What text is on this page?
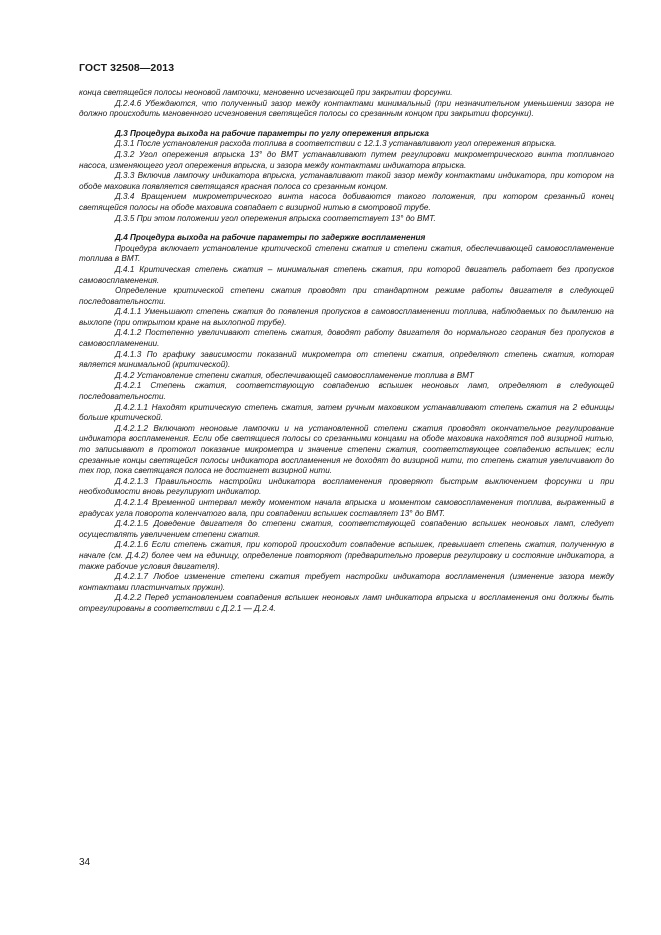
ГОСТ 32508—2013

конца светящейся полосы неоновой лампочки, мгновенно исчезающей при закрытии форсунки.

Д.2.4.6 Убеждаются, что полученный зазор между контактами минимальный (при незначительном уменьшении зазора не должно происходить мгновенного исчезновения светящейся полосы со срезанным концом при закрытии форсунки).

Д.3 Процедура выхода на рабочие параметры по углу опережения впрыска

Д.3.1 После установления расхода топлива в соответствии с 12.1.3 устанавливают угол опережения впрыска.

Д.3.2 Угол опережения впрыска 13° до ВМТ устанавливают путем регулировки микрометрического винта топливного насоса, изменяющего угол опережения впрыска, и зазора между контактами индикатора впрыска.

Д.3.3 Включив лампочку индикатора впрыска, устанавливают такой зазор между контактами индикатора, при котором на ободе маховика появляется светящаяся красная полоса со срезанным концом.

Д.3.4 Вращением микрометрического винта насоса добиваются такого положения, при котором срезанный конец светящейся полосы на ободе маховика совпадает с визирной нитью в смотровой трубе.

Д.3.5 При этом положении угол опережения впрыска соответствует 13° до ВМТ.

Д.4 Процедура выхода на рабочие параметры по задержке воспламенения

Процедура включает установление критической степени сжатия и степени сжатия, обеспечивающей самовоспламенение топлива в ВМТ.

Д.4.1 Критическая степень сжатия – минимальная степень сжатия, при которой двигатель работает без пропусков самовоспламенения.

Определение критической степени сжатия проводят при стандартном режиме работы двигателя в следующей последовательности.

Д.4.1.1 Уменьшают степень сжатия до появления пропусков в самовоспламенении топлива, наблюдаемых по дымлению на выхлопе (при открытом кране на выхлопной трубе).

Д.4.1.2 Постепенно увеличивают степень сжатия, доводят работу двигателя до нормального сгорания без пропусков в самовоспламенении.

Д.4.1.3 По графику зависимости показаний микрометра от степени сжатия, определяют степень сжатия, которая является минимальной (критической).

Д.4.2 Установление степени сжатия, обеспечивающей самовоспламенение топлива в ВМТ

Д.4.2.1 Степень сжатия, соответствующую совпадению вспышек неоновых ламп, определяют в следующей последовательности.

Д.4.2.1.1 Находят критическую степень сжатия, затем ручным маховиком устанавливают степень сжатия на 2 единицы больше критической.

Д.4.2.1.2 Включают неоновые лампочки и на установленной степени сжатия проводят окончательное регулирование индикатора воспламенения. Если обе светящиеся полосы со срезанными концами на ободе маховика находятся под визирной нитью, то записывают в протокол показание микрометра и значение степени сжатия, соответствующее совпадению вспышек; если срезанные концы светящейся полосы индикатора воспламенения не доходят до визирной нити, то степень сжатия увеличивают до тех пор, пока светящаяся полоса не достигнет визирной нити.

Д.4.2.1.3 Правильность настройки индикатора воспламенения проверяют быстрым выключением форсунки и при необходимости вновь регулируют индикатор.

Д.4.2.1.4 Временной интервал между моментом начала впрыска и моментом самовоспламенения топлива, выраженный в градусах угла поворота коленчатого вала, при совпадении вспышек составляет 13° до ВМТ.

Д.4.2.1.5 Доведение двигателя до степени сжатия, соответствующей совпадению вспышек неоновых ламп, следует осуществлять увеличением степени сжатия.

Д.4.2.1.6 Если степень сжатия, при которой происходит совпадение вспышек, превышает степень сжатия, полученную в начале (см. Д.4.2) более чем на единицу, определение повторяют (предварительно проверив регулировку и состояние индикатора, а также рабочие условия двигателя).

Д.4.2.1.7 Любое изменение степени сжатия требует настройки индикатора воспламенения (изменение зазора между контактами пластинчатых пружин).

Д.4.2.2 Перед установлением совпадения вспышек неоновых ламп индикатора впрыска и воспламенения они должны быть отрегулированы в соответствии с Д.2.1 — Д.2.4.

34
